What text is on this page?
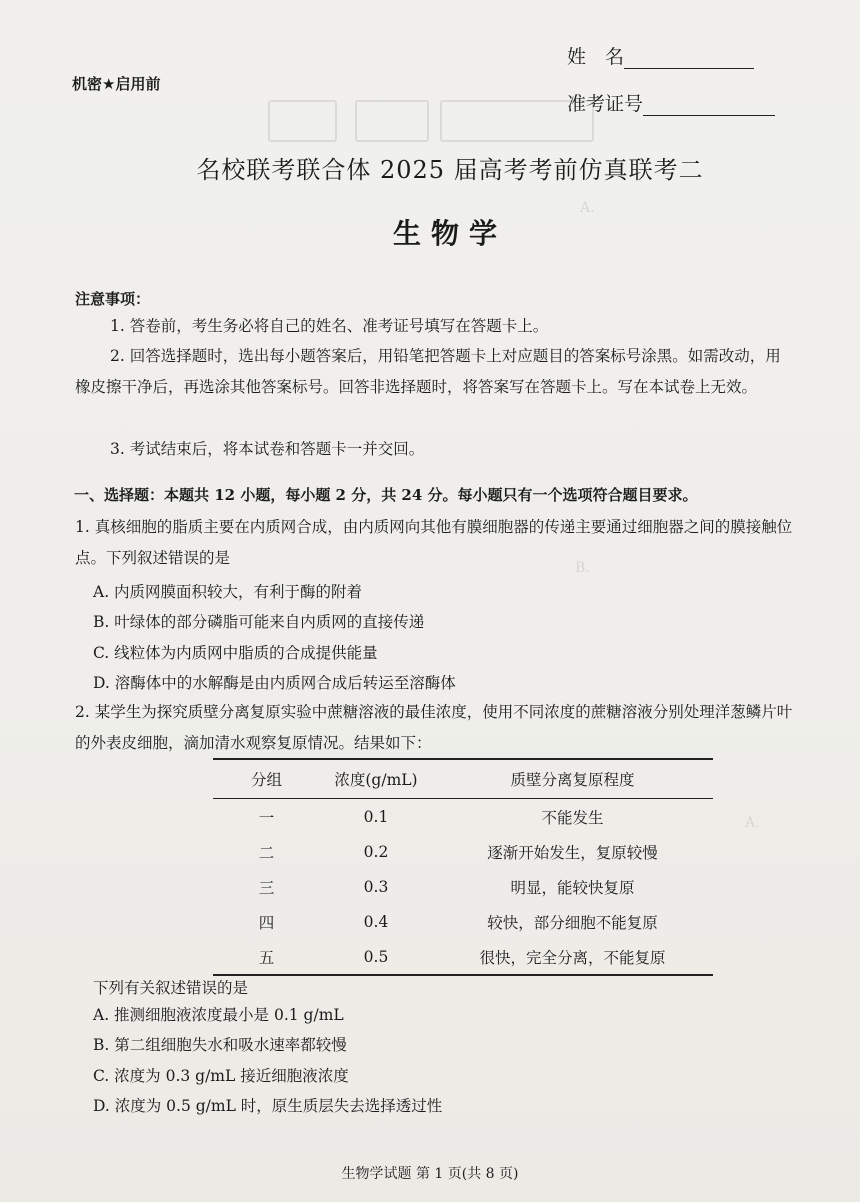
A.
B.
A.
机密★启用前
姓　名
准考证号
名校联考联合体 2025 届高考考前仿真联考二
生物学
注意事项：
1. 答卷前，考生务必将自己的姓名、准考证号填写在答题卡上。
2. 回答选择题时，选出每小题答案后，用铅笔把答题卡上对应题目的答案标号涂黑。如需改动，用橡皮擦干净后，再选涂其他答案标号。回答非选择题时，将答案写在答题卡上。写在本试卷上无效。
3. 考试结束后，将本试卷和答题卡一并交回。
一、选择题：本题共 12 小题，每小题 2 分，共 24 分。每小题只有一个选项符合题目要求。
1. 真核细胞的脂质主要在内质网合成，由内质网向其他有膜细胞器的传递主要通过细胞器之间的膜接触位点。下列叙述错误的是
A. 内质网膜面积较大，有利于酶的附着
B. 叶绿体的部分磷脂可能来自内质网的直接传递
C. 线粒体为内质网中脂质的合成提供能量
D. 溶酶体中的水解酶是由内质网合成后转运至溶酶体
2. 某学生为探究质壁分离复原实验中蔗糖溶液的最佳浓度，使用不同浓度的蔗糖溶液分别处理洋葱鳞片叶的外表皮细胞，滴加清水观察复原情况。结果如下：
分组	浓度(g/mL)	质壁分离复原程度
一	0.1	不能发生
二	0.2	逐渐开始发生，复原较慢
三	0.3	明显，能较快复原
四	0.4	较快，部分细胞不能复原
五	0.5	很快，完全分离，不能复原
下列有关叙述错误的是
A. 推测细胞液浓度最小是 0.1 g/mL
B. 第二组细胞失水和吸水速率都较慢
C. 浓度为 0.3 g/mL 接近细胞液浓度
D. 浓度为 0.5 g/mL 时，原生质层失去选择透过性
生物学试题 第 1 页(共 8 页)
